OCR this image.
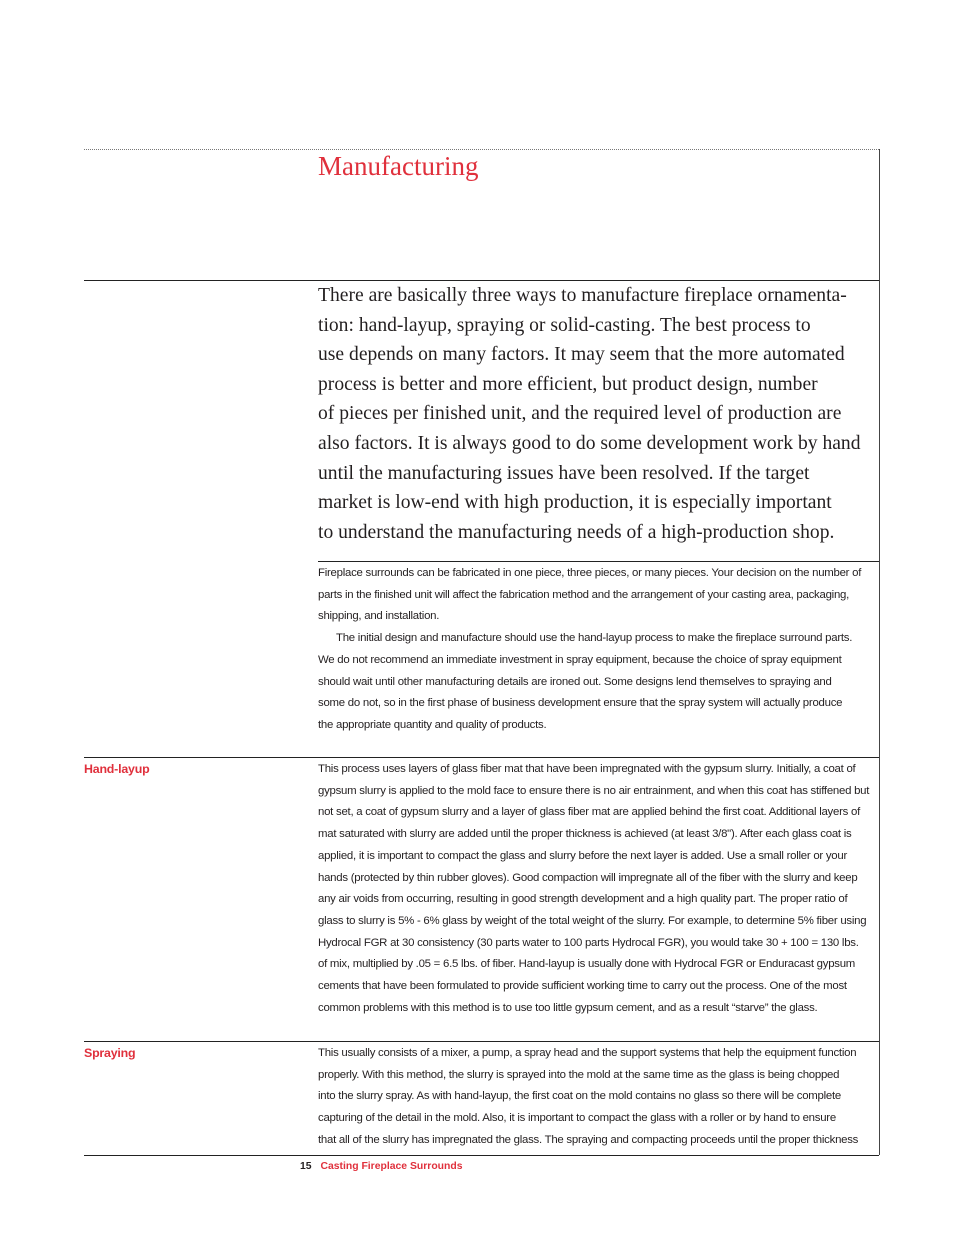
Manufacturing
There are basically three ways to manufacture fireplace ornamenta-
tion: hand-layup, spraying or solid-casting. The best process to
use depends on many factors. It may seem that the more automated
process is better and more efficient, but product design, number
of pieces per finished unit, and the required level of production are
also factors. It is always good to do some development work by hand
until the manufacturing issues have been resolved. If the target
market is low-end with high production, it is especially important
to understand the manufacturing needs of a high-production shop.
Fireplace surrounds can be fabricated in one piece, three pieces, or many pieces. Your decision on the number of
parts in the finished unit will affect the fabrication method and the arrangement of your casting area, packaging,
shipping, and installation.
The initial design and manufacture should use the hand-layup process to make the fireplace surround parts.
We do not recommend an immediate investment in spray equipment, because the choice of spray equipment
should wait until other manufacturing details are ironed out. Some designs lend themselves to spraying and
some do not, so in the first phase of business development ensure that the spray system will actually produce
the appropriate quantity and quality of products.
Hand-layup	This process uses layers of glass fiber mat that have been impregnated with the gypsum slurry. Initially, a coat of
gypsum slurry is applied to the mold face to ensure there is no air entrainment, and when this coat has stiffened but
not set, a coat of gypsum slurry and a layer of glass fiber mat are applied behind the first coat. Additional layers of
mat saturated with slurry are added until the proper thickness is achieved (at least 3/8"). After each glass coat is
applied, it is important to compact the glass and slurry before the next layer is added. Use a small roller or your
hands (protected by thin rubber gloves). Good compaction will impregnate all of the fiber with the slurry and keep
any air voids from occurring, resulting in good strength development and a high quality part. The proper ratio of
glass to slurry is 5% - 6% glass by weight of the total weight of the slurry. For example, to determine 5% fiber using
Hydrocal FGR at 30 consistency (30 parts water to 100 parts Hydrocal FGR), you would take 30 + 100 = 130 lbs.
of mix, multiplied by .05 = 6.5 lbs. of fiber. Hand-layup is usually done with Hydrocal FGR or Enduracast gypsum
cements that have been formulated to provide sufficient working time to carry out the process. One of the most
common problems with this method is to use too little gypsum cement, and as a result “starve” the glass.
Spraying	This usually consists of a mixer, a pump, a spray head and the support systems that help the equipment function
properly. With this method, the slurry is sprayed into the mold at the same time as the glass is being chopped
into the slurry spray. As with hand-layup, the first coat on the mold contains no glass so there will be complete
capturing of the detail in the mold. Also, it is important to compact the glass with a roller or by hand to ensure
that all of the slurry has impregnated the glass. The spraying and compacting proceeds until the proper thickness
15 Casting Fireplace Surrounds
